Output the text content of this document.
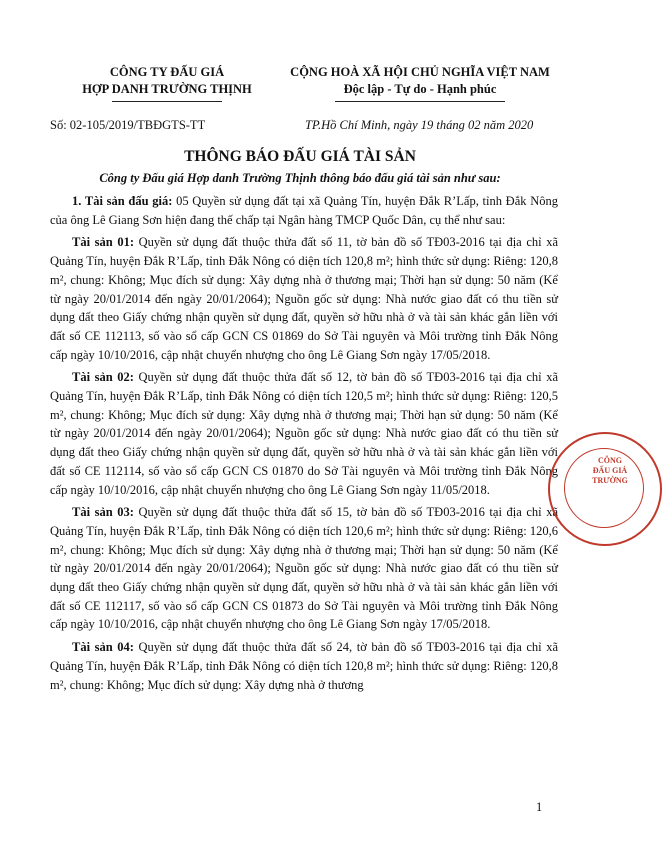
CÔNG TY ĐẤU GIÁ
HỢP DANH TRƯỜNG THỊNH
CỘNG HOÀ XÃ HỘI CHỦ NGHĨA VIỆT NAM
Độc lập - Tự do - Hạnh phúc
Số: 02-105/2019/TBĐGTS-TT	TP.Hồ Chí Minh, ngày 19 tháng 02 năm 2020
THÔNG BÁO ĐẤU GIÁ TÀI SẢN
Công ty Đấu giá Hợp danh Trường Thịnh thông báo đấu giá tài sản như sau:

1. Tài sản đấu giá: 05 Quyền sử dụng đất tại xã Quảng Tín, huyện Đắk R’Lấp, tỉnh Đắk Nông của ông Lê Giang Sơn hiện đang thế chấp tại Ngân hàng TMCP Quốc Dân, cụ thể như sau:

Tài sản 01: Quyền sử dụng đất thuộc thửa đất số 11, tờ bản đồ số TĐ03-2016 tại địa chỉ xã Quảng Tín, huyện Đắk R’Lấp, tỉnh Đắk Nông có diện tích 120,8 m²; hình thức sử dụng: Riêng: 120,8 m², chung: Không; Mục đích sử dụng: Xây dựng nhà ở thương mại; Thời hạn sử dụng: 50 năm (Kể từ ngày 20/01/2014 đến ngày 20/01/2064); Nguồn gốc sử dụng: Nhà nước giao đất có thu tiền sử dụng đất theo Giấy chứng nhận quyền sử dụng đất, quyền sở hữu nhà ở và tài sản khác gắn liền với đất số CE 112113, số vào sổ cấp GCN CS 01869 do Sở Tài nguyên và Môi trường tỉnh Đắk Nông cấp ngày 10/10/2016, cập nhật chuyển nhượng cho ông Lê Giang Sơn ngày 17/05/2018.

Tài sản 02: Quyền sử dụng đất thuộc thửa đất số 12, tờ bản đồ số TĐ03-2016 tại địa chỉ xã Quảng Tín, huyện Đắk R’Lấp, tỉnh Đắk Nông có diện tích 120,5 m²; hình thức sử dụng: Riêng: 120,5 m², chung: Không; Mục đích sử dụng: Xây dựng nhà ở thương mại; Thời hạn sử dụng: 50 năm (Kể từ ngày 20/01/2014 đến ngày 20/01/2064); Nguồn gốc sử dụng: Nhà nước giao đất có thu tiền sử dụng đất theo Giấy chứng nhận quyền sử dụng đất, quyền sở hữu nhà ở và tài sản khác gắn liền với đất số CE 112114, số vào sổ cấp GCN CS 01870 do Sở Tài nguyên và Môi trường tỉnh Đắk Nông cấp ngày 10/10/2016, cập nhật chuyển nhượng cho ông Lê Giang Sơn ngày 11/05/2018.

Tài sản 03: Quyền sử dụng đất thuộc thửa đất số 15, tờ bản đồ số TĐ03-2016 tại địa chỉ xã Quảng Tín, huyện Đắk R’Lấp, tỉnh Đắk Nông có diện tích 120,6 m²; hình thức sử dụng: Riêng: 120,6 m², chung: Không; Mục đích sử dụng: Xây dựng nhà ở thương mại; Thời hạn sử dụng: 50 năm (Kể từ ngày 20/01/2014 đến ngày 20/01/2064); Nguồn gốc sử dụng: Nhà nước giao đất có thu tiền sử dụng đất theo Giấy chứng nhận quyền sử dụng đất, quyền sở hữu nhà ở và tài sản khác gắn liền với đất số CE 112117, số vào sổ cấp GCN CS 01873 do Sở Tài nguyên và Môi trường tỉnh Đắk Nông cấp ngày 10/10/2016, cập nhật chuyển nhượng cho ông Lê Giang Sơn ngày 17/05/2018.

Tài sản 04: Quyền sử dụng đất thuộc thửa đất số 24, tờ bản đồ số TĐ03-2016 tại địa chỉ xã Quảng Tín, huyện Đắk R’Lấp, tỉnh Đắk Nông có diện tích 120,8 m²; hình thức sử dụng: Riêng: 120,8 m², chung: Không; Mục đích sử dụng: Xây dựng nhà ở thương

CÔNG
ĐẤU GIÁ
TRƯỜNG
1
